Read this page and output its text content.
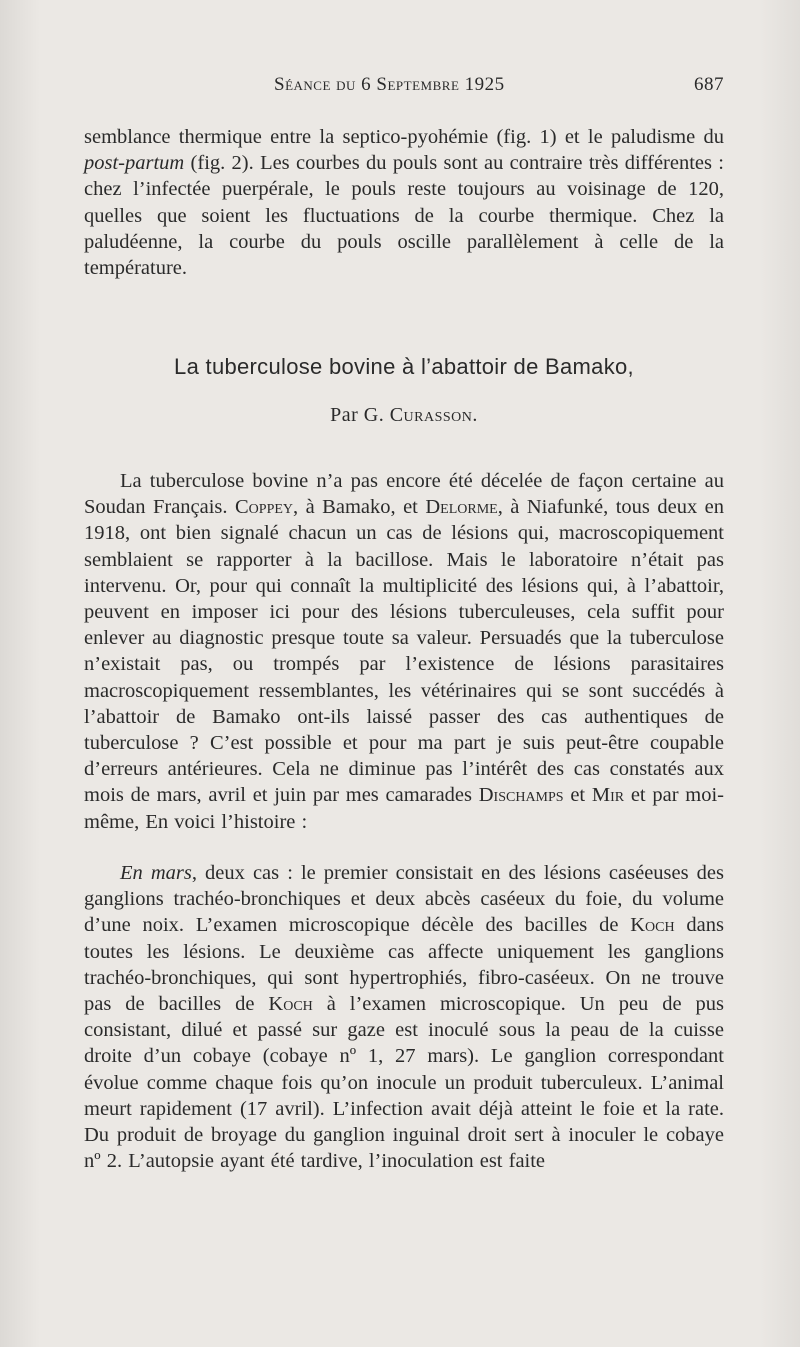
Séance du 6 Septembre 1925	687
semblance thermique entre la septico-pyohémie (fig. 1) et le paludisme du post-partum (fig. 2). Les courbes du pouls sont au contraire très différentes : chez l’infectée puerpérale, le pouls reste toujours au voisinage de 120, quelles que soient les fluctuations de la courbe thermique. Chez la paludéenne, la courbe du pouls oscille parallèlement à celle de la température.
La tuberculose bovine à l’abattoir de Bamako,
Par G. Curasson.
La tuberculose bovine n’a pas encore été décelée de façon certaine au Soudan Français. Coppey, à Bamako, et Delorme, à Niafunké, tous deux en 1918, ont bien signalé chacun un cas de lésions qui, macroscopiquement semblaient se rapporter à la bacillose. Mais le laboratoire n’était pas intervenu. Or, pour qui connaît la multiplicité des lésions qui, à l’abattoir, peuvent en imposer ici pour des lésions tuberculeuses, cela suffit pour enlever au diagnostic presque toute sa valeur. Persuadés que la tuberculose n’existait pas, ou trompés par l’existence de lésions parasitaires macroscopiquement ressemblantes, les vétérinaires qui se sont succédés à l’abattoir de Bamako ont-ils laissé passer des cas authentiques de tuberculose ? C’est possible et pour ma part je suis peut-être coupable d’erreurs antérieures. Cela ne diminue pas l’intérêt des cas constatés aux mois de mars, avril et juin par mes camarades Dischamps et Mir et par moi-même, En voici l’histoire :
En mars, deux cas : le premier consistait en des lésions caséeuses des ganglions trachéo-bronchiques et deux abcès caséeux du foie, du volume d’une noix. L’examen microscopique décèle des bacilles de Koch dans toutes les lésions. Le deuxième cas affecte uniquement les ganglions trachéo-bronchiques, qui sont hypertrophiés, fibro-caséeux. On ne trouve pas de bacilles de Koch à l’examen microscopique. Un peu de pus consistant, dilué et passé sur gaze est inoculé sous la peau de la cuisse droite d’un cobaye (cobaye nº 1, 27 mars). Le ganglion correspondant évolue comme chaque fois qu’on inocule un produit tuberculeux. L’animal meurt rapidement (17 avril). L’infection avait déjà atteint le foie et la rate. Du produit de broyage du ganglion inguinal droit sert à inoculer le cobaye nº 2. L’autopsie ayant été tardive, l’inoculation est faite
